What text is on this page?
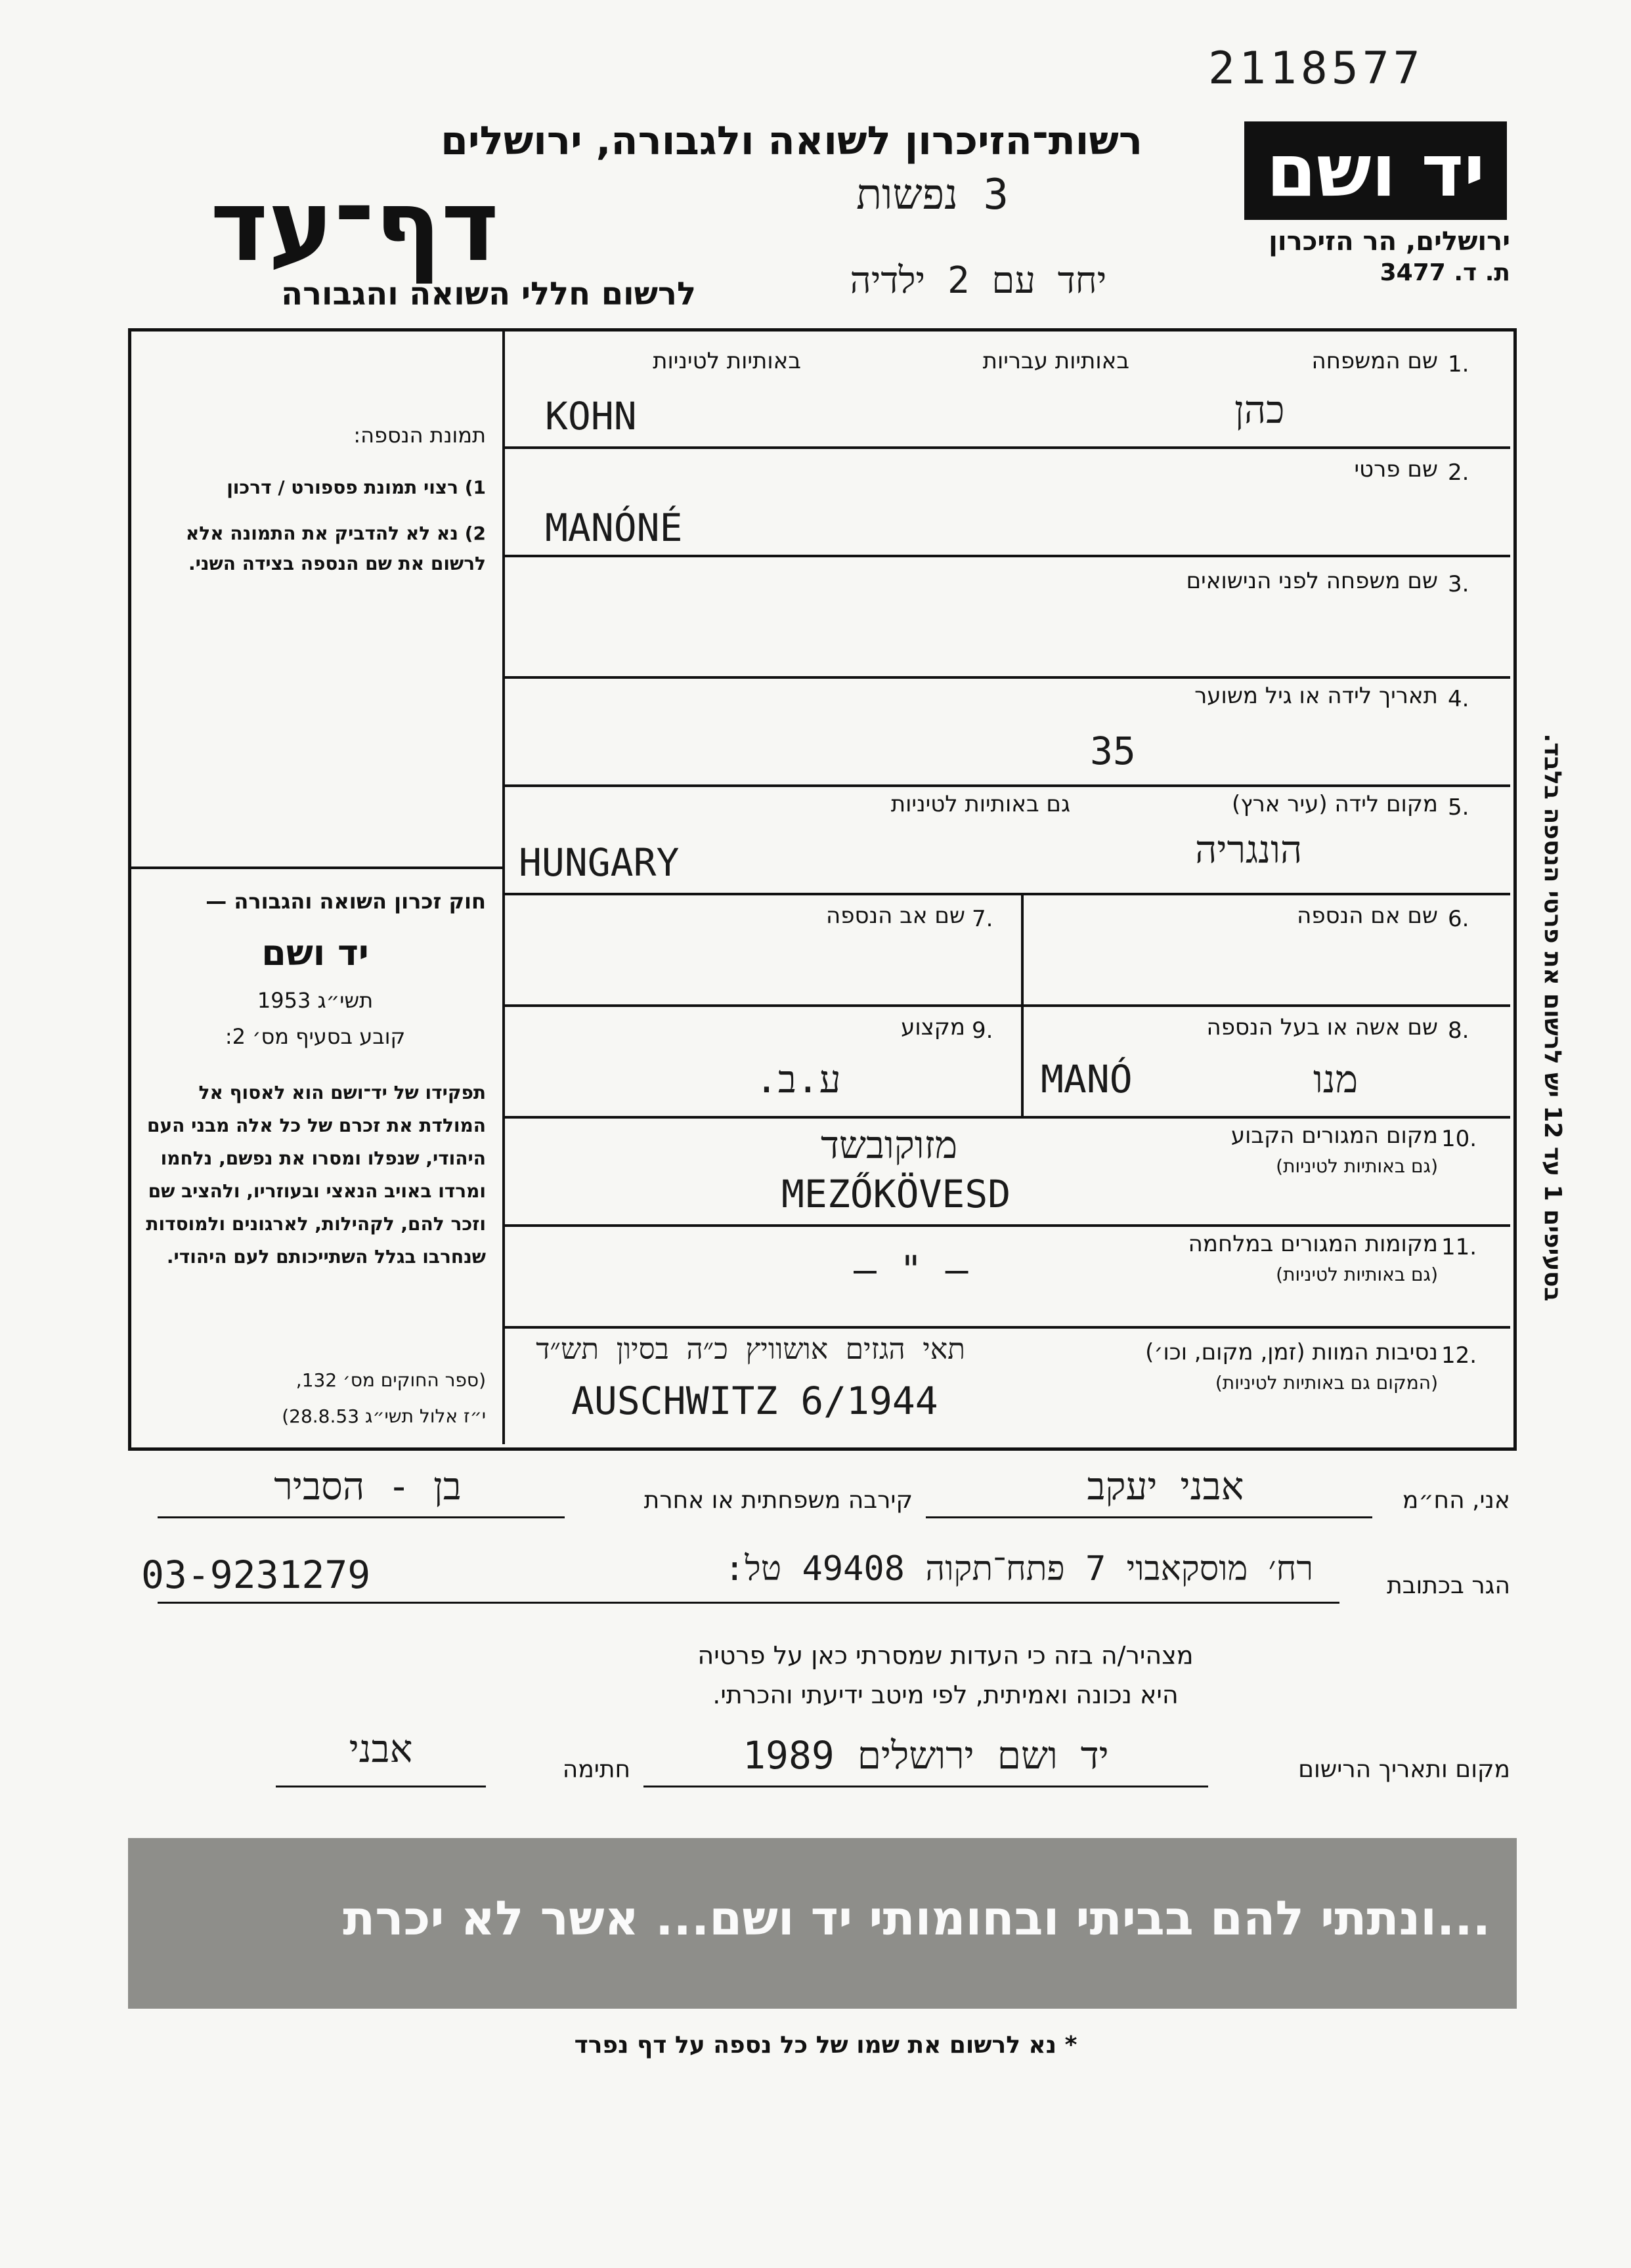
2118577
יד ושם
ירושלים, הר הזיכרון
ת. ד. 3477
רשות־הזיכרון לשואה ולגבורה, ירושלים
דף־עד
לרשום חללי השואה והגבורה
3 נפשות
יחד עם 2 ילדיה
תמונת הנספה:
1) רצוי תמונת פספורט / דרכון
2) נא לא להדביק את התמונה אלא לרשום את שם הנספה בצידה השני.
חוק זכרון השואה והגבורה —
יד ושם
תשי״ג 1953
קובע בסעיף מס׳ 2:
תפקידו של יד־ושם הוא לאסוף אל המולדת את זכרם של כל אלה מבני העם היהודי, שנפלו ומסרו את נפשם, נלחמו ומרדו באויב הנאצי ובעוזריו, ולהציב שם וזכר להם, לקהילות, לארגונים ולמוסדות שנחרבו בגלל השתייכותם לעם היהודי.
(ספר החוקים מס׳ 132,
י״ז אלול תשי״ג 28.8.53)
1.
שם המשפחה
באותיות עבריות
באותיות לטיניות
כהן
KOHN
2.
שם פרטי
MANÓNÉ
3.
שם משפחה לפני הנישואים
4.
תאריך לידה או גיל משוער
35
5.
מקום לידה (עיר ארץ)
גם באותיות לטיניות
הונגריה
HUNGARY
6.
שם אם הנספה
7.
שם אב הנספה
8.
שם אשה או בעל הנספה
מנו
MANÓ
9.
מקצוע
ע.ב.
10.
מקום המגורים הקבוע
(גם באותיות לטיניות)
מזוקובשד
MEZŐKÖVESD
11.
מקומות המגורים במלחמה
(גם באותיות לטיניות)
— " —
12.
נסיבות המוות (זמן, מקום, וכו׳)
(המקום גם באותיות לטיניות)
תאי הגזים אושוויץ כ״ה בסיון תש״ד
AUSCHWITZ 6/1944
אני, הח״מ
אבני יעקב
קירבה משפחתית או אחרת
בן - הסביר
הגר בכתובת
רח׳ מוסקאבוי 7 פתח־תקוה 49408 טל:
03-9231279
מצהיר/ה בזה כי העדות שמסרתי כאן על פרטיה
היא נכונה ואמיתית, לפי מיטב ידיעתי והכרתי.
מקום ותאריך הרישום
יד ושם ירושלים 1989
חתימה
אבני
בסעיפים 1 עד 12 יש לרשום את פרטי הנספה בלבד.
...ונתתי להם בביתי ובחומותי יד ושם... אשר לא יכרת
* נא לרשום את שמו של כל נספה על דף נפרד
